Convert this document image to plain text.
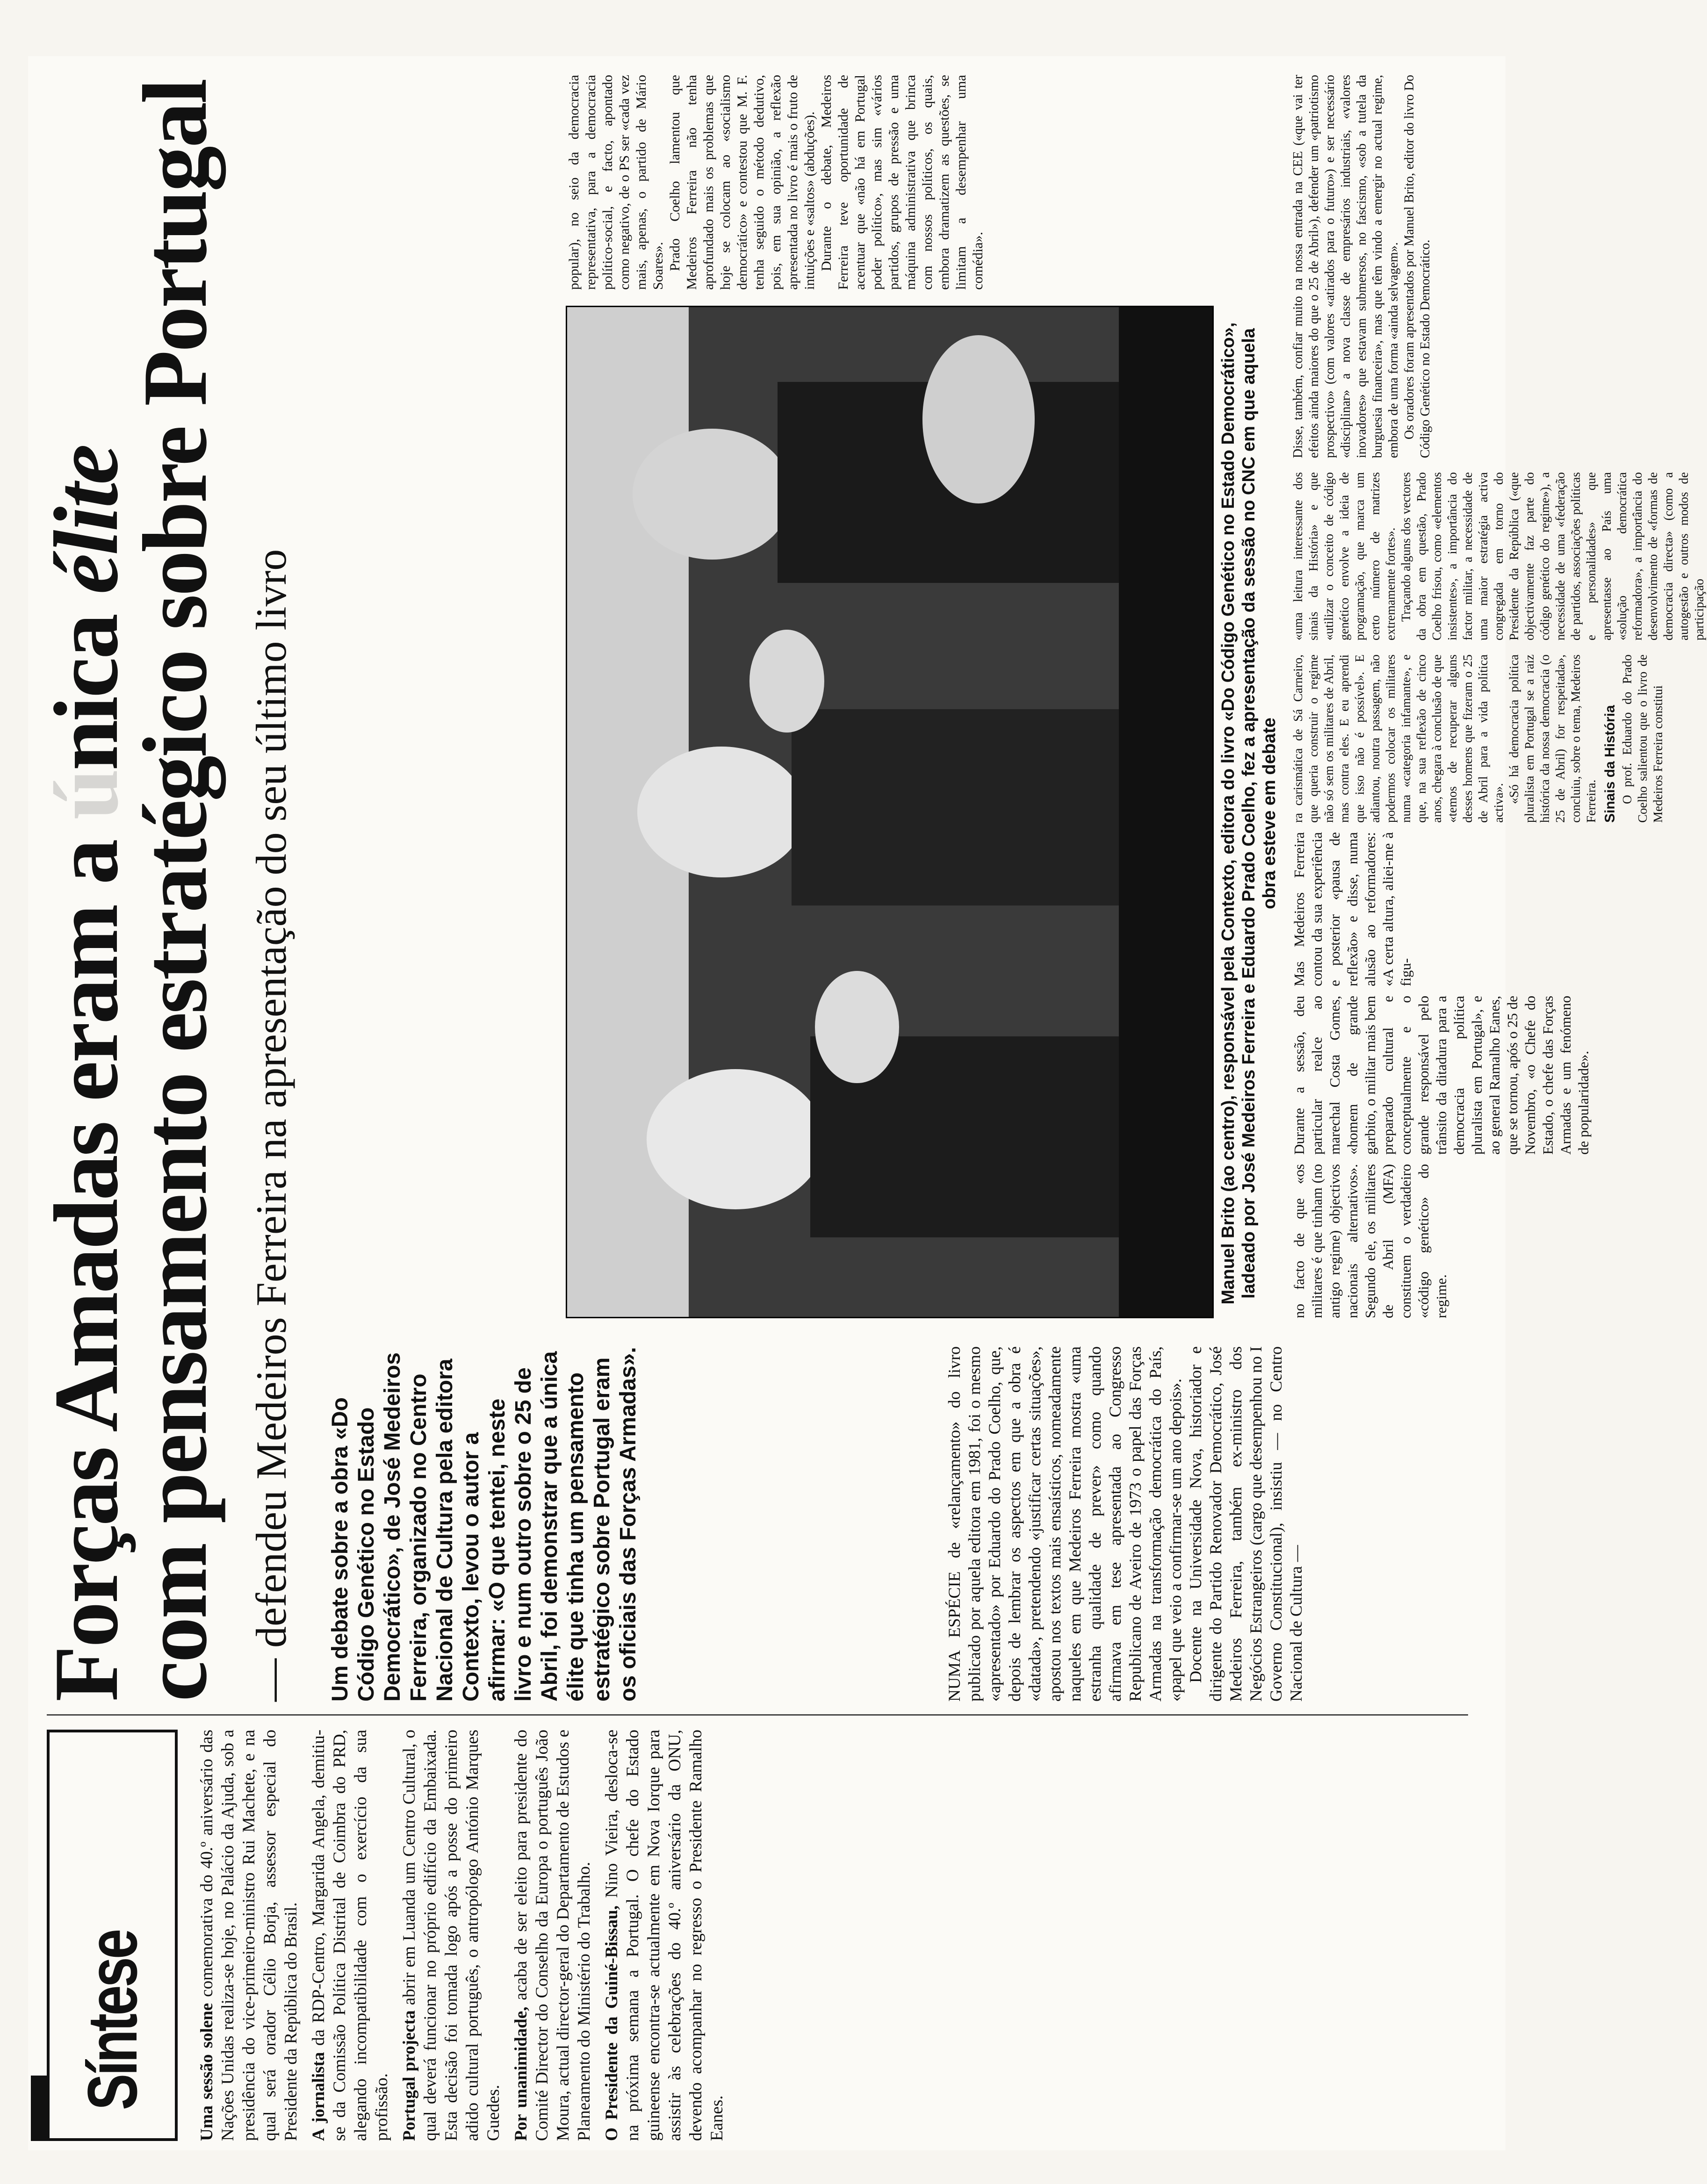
Síntese	Uma sessão solene comemorativa do 40.º aniversário das Nações Unidas realiza-se hoje, no Palácio da Ajuda, sob a presidência do vice-primeiro-ministro Rui Machete, e na qual será orador Célio Borja, assessor especial do Presidente da República do Brasil. A jornalista da RDP-Centro, Margarida Angela, demitiu-se da Comissão Política Distrital de Coimbra do PRD, alegando incompatibilidade com o exercício da sua profissão. Portugal projecta abrir em Luanda um Centro Cultural, o qual deverá funcionar no próprio edifício da Embaixada. Esta decisão foi tomada logo após a posse do primeiro adido cultural português, o antropólogo António Marques Guedes. Por unanimidade, acaba de ser eleito para presidente do Comité Director do Conselho da Europa o português João Moura, actual director-geral do Departamento de Estudos e Planeamento do Ministério do Trabalho. O Presidente da Guiné-Bissau, Nino Vieira, desloca-se na próxima semana a Portugal. O chefe do Estado guineense encontra-se actualmente em Nova Iorque para assistir às celebrações do 40.º aniversário da ONU, devendo acompanhar no regresso o Presidente Ramalho Eanes.

Forças Amadas eram a única élite
com pensamento estratégico sobre Portugal — defendeu Medeiros Ferreira na apresentação do seu último livro Um debate sobre a obra «Do Código Genético no Estado Democrático», de José Medeiros Ferreira, organizado no Centro Nacional de Cultura pela editora Contexto, levou o autor a afirmar: «O que tentei, neste livro e num outro sobre o 25 de Abril, foi demonstrar que a única élite que tinha um pensamento estratégico sobre Portugal eram os oficiais das Forças Armadas».	NUMA ESPÉCIE de «relançamento» do livro publicado por aquela editora em 1981, foi o mesmo «apresentado» por Eduardo do Prado Coelho, que, depois de lembrar os aspectos em que a obra é «datada», pretendendo «justificar certas situações», apostou nos textos mais ensaísticos, nomeadamente naqueles em que Medeiros Ferreira mostra «uma estranha qualidade de prever» como quando afirmava em tese apresentada ao Congresso Republicano de Aveiro de 1973 o papel das Forças Armadas na transformação democrática do País, «papel que veio a confirmar-se um ano depois». Docente na Universidade Nova, historiador e dirigente do Partido Renovador Democrático, José Medeiros Ferreira, também ex-ministro dos Negócios Estrangeiros (cargo que desempenhou no I Governo Constitucional), insistiu — no Centro Nacional de Cultura —

Manuel Brito (ao centro), responsável pela Contexto, editora do livro «Do Código Genético no Estado Democrático», ladeado por José Medeiros Ferreira e Eduardo Prado Coelho, fez a apresentação da sessão no CNC em que aquela obra esteve em debate

no facto de que «os militares é que tinham (no antigo regime) objectivos nacionais alternativos». Segundo ele, os militares de Abril (MFA) constituem o verdadeiro «código genético» do regime.

Durante a sessão, deu particular realce ao marechal Costa Gomes, «homem de grande garbito, o militar mais bem preparado cultural e conceptualmente e o grande responsável pelo trânsito da ditadura para a democracia política pluralista em Portugal», e ao general Ramalho Eanes, que se tornou, após o 25 de Novembro, «o Chefe do Estado, o chefe das Forças Armadas e um fenómeno de popularidade».

Mas Medeiros Ferreira contou da sua experiência e posterior «pausa de reflexão» e disse, numa alusão ao reformadores: «A certa altura, aliei-me à figu-

ra carismática de Sá Carneiro, que queria construir o regime não só sem os militares de Abril, mas contra eles. E eu aprendi que isso não é possível». E adiantou, noutra passagem, não podermos colocar os militares numa «categoria infamante», e que, na sua reflexão de cinco anos, chegara à conclusão de que «temos de recuperar alguns desses homens que fizeram o 25 de Abril para a vida política activa». «Só há democracia política pluralista em Portugal se a raiz histórica da nossa democracia (o 25 de Abril) for respeitada», concluiu, sobre o tema, Medeiros Ferreira. Sinais da História O prof. Eduardo do Prado Coelho salientou que o livro de Medeiros Ferreira constitui

«uma leitura interessante dos sinais da História» e que «utilizar o conceito de código genético envolve a ideia de programação, que marca um certo número de matrizes extremamente fortes». Traçando alguns dos vectores da obra em questão, Prado Coelho frisou, como «elementos insistentes», a importância do factor militar, a necessidade de uma maior estratégia activa congregada em torno do Presidente da República («que objectivamente faz parte do código genético do regime»), a necessidade de uma «federação de partidos, associações políticas e personalidades» que apresentasse ao País uma «solução democrática reformadora», a importância do desenvolvimento de «formas de democracia directa» (como a autogestão e outros modos de participação

popular), no seio da democracia representativa, para a democracia político-social, e facto, apontado como negativo, de o PS ser «cada vez mais, apenas, o partido de Mário Soares». Prado Coelho lamentou que Medeiros Ferreira não tenha aprofundado mais os problemas que hoje se colocam ao «socialismo democrático» e contestou que M. F. tenha seguido o método dedutivo, pois, em sua opinião, a reflexão apresentada no livro é mais o fruto de intuições e «saltos» (abduções). Durante o debate, Medeiros Ferreira teve oportunidade de acentuar que «não há em Portugal poder político», mas sim «vários partidos, grupos de pressão e uma máquina administrativa que brinca com nossos políticos, os quais, embora dramatizem as questões, se limitam a desempenhar uma comédia».	Disse, também, confiar muito na nossa entrada na CEE («que vai ter efeitos ainda maiores do que o 25 de Abril»), defender um «patriotismo prospectivo» (com valores «atirados para o futuro») e ser necessário «disciplinar» a nova classe de empresários industriais, «valores inovadores» que estavam submersos, no fascismo, «sob a tutela da burguesia financeira», mas que têm vindo a emergir no actual regime, embora de uma forma «ainda selvagem». Os oradores foram apresentados por Manuel Brito, editor do livro Do Código Genético no Estado Democrático.
